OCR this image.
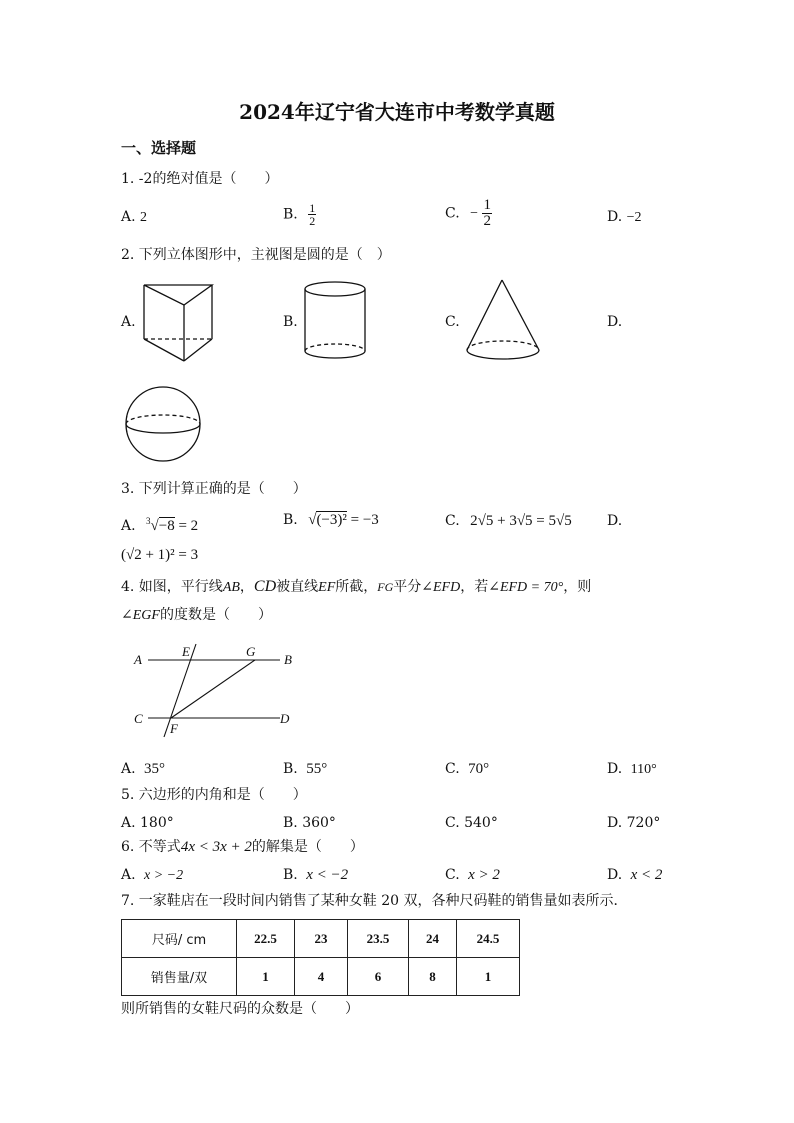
2024年辽宁省大连市中考数学真题
一、选择题
1. -2的绝对值是（　　）
A. 2	B. $\frac{1}{2}$	C. − $\frac{1}{2}$	D. −2
2. 下列立体图形中，主视图是圆的是（　）
A.	B.	C.	D.
3. 下列计算正确的是（　　）
A. $^3$√−8 = 2	B. √(−3)² = −3	C. 2√5 + 3√5 = 5√5	D.
(√2 + 1)² = 3
4. 如图，平行线AB，CD被直线EF所截，FG平分∠EFD，若∠EFD = 70°，则
∠EGF的度数是（　　）
A	B
C	D
E
F
G
A. 35°	B. 55°	C. 70°	D. 110°
5. 六边形的内角和是（　　）
A. 180°	B. 360°	C. 540°	D. 720°
6. 不等式4x < 3x + 2的解集是（　　）
A. x > −2	B. x < −2	C. x > 2	D. x < 2
7. 一家鞋店在一段时间内销售了某种女鞋 20 双，各种尺码鞋的销售量如表所示．
尺码/ cm	22.5	23	23.5	24	24.5
销售量/双	1	4	6	8	1
则所销售的女鞋尺码的众数是（　　）
